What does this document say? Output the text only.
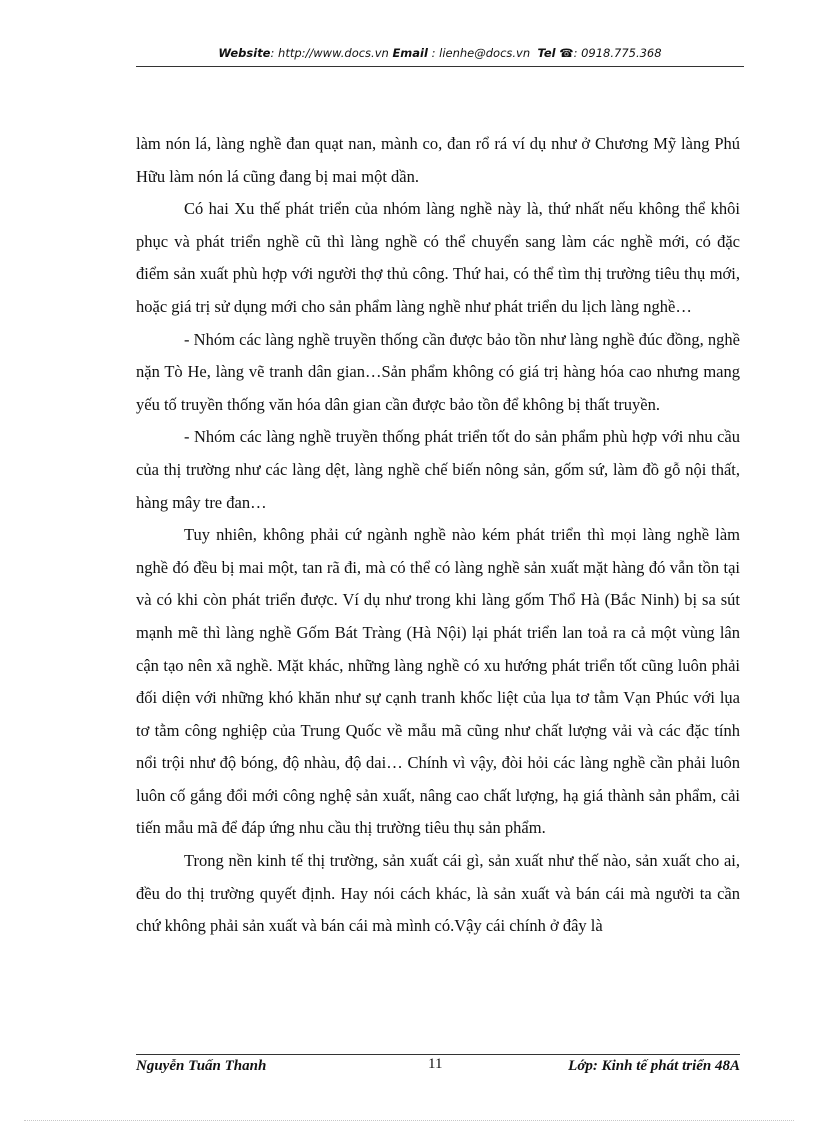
Website: http://www.docs.vn Email : lienhe@docs.vn Tel ☎: 0918.775.368

làm nón lá, làng nghề đan quạt nan, mành co, đan rổ rá ví dụ như ở Chương Mỹ làng Phú Hữu làm nón lá cũng đang bị mai một dần.

Có hai Xu thế phát triển của nhóm làng nghề này là, thứ nhất nếu không thể khôi phục và phát triển nghề cũ thì làng nghề có thể chuyển sang làm các nghề mới, có đặc điểm sản xuất phù hợp với người thợ thủ công. Thứ hai, có thể tìm thị trường tiêu thụ mới, hoặc giá trị sử dụng mới cho sản phẩm làng nghề như phát triển du lịch làng nghề…

- Nhóm các làng nghề truyền thống cần được bảo tồn như làng nghề đúc đồng, nghề nặn Tò He, làng vẽ tranh dân gian…Sản phẩm không có giá trị hàng hóa cao nhưng mang yếu tố truyền thống văn hóa dân gian cần được bảo tồn để không bị thất truyền.

- Nhóm các làng nghề truyền thống phát triển tốt do sản phẩm phù hợp với nhu cầu của thị trường như các làng dệt, làng nghề chế biến nông sản, gốm sứ, làm đồ gỗ nội thất, hàng mây tre đan…

Tuy nhiên, không phải cứ ngành nghề nào kém phát triển thì mọi làng nghề làm nghề đó đều bị mai một, tan rã đi, mà có thể có làng nghề sản xuất mặt hàng đó vẫn tồn tại và có khi còn phát triển được. Ví dụ như trong khi làng gốm Thổ Hà (Bắc Ninh) bị sa sút mạnh mẽ thì làng nghề Gốm Bát Tràng (Hà Nội) lại phát triển lan toả ra cả một vùng lân cận tạo nên xã nghề. Mặt khác, những làng nghề có xu hướng phát triển tốt cũng luôn phải đối diện với những khó khăn như sự cạnh tranh khốc liệt của lụa tơ tằm Vạn Phúc với lụa tơ tằm công nghiệp của Trung Quốc về mẫu mã cũng như chất lượng vải và các đặc tính nổi trội như độ bóng, độ nhàu, độ dai… Chính vì vậy, đòi hỏi các làng nghề cần phải luôn luôn cố gắng đổi mới công nghệ sản xuất, nâng cao chất lượng, hạ giá thành sản phẩm, cải tiến mẫu mã để đáp ứng nhu cầu thị trường tiêu thụ sản phẩm.

Trong nền kinh tế thị trường, sản xuất cái gì, sản xuất như thế nào, sản xuất cho ai, đều do thị trường quyết định. Hay nói cách khác, là sản xuất và bán cái mà người ta cần chứ không phải sản xuất và bán cái mà mình có.Vậy cái chính ở đây là

Nguyễn Tuấn Thanh	11	Lớp: Kinh tế phát triển 48A
